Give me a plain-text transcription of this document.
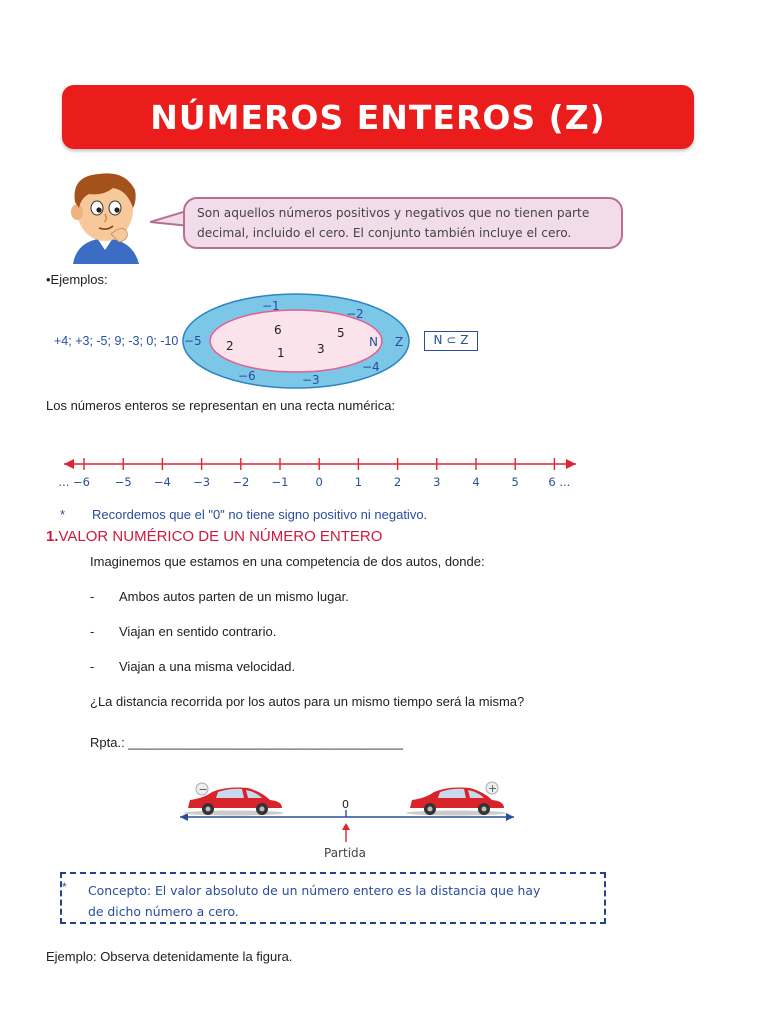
NÚMEROS ENTEROS (Z)
Son aquellos números positivos y negativos que no tienen parte decimal, incluido el cero. El conjunto también incluye el cero.
•Ejemplos:
+4; +3; -5; 9; -3; 0; -10
−1
−2
−5
−6	−3
−4
6	5
2	1	3	N Z	N ⊂ Z
Los números enteros se representan en una recta numérica:
... −6 −5 −4 −3 −2 −1 0	1	2	3	4	5	6 ...
* Recordemos que el "0" no tiene signo positivo ni negativo.
1.VALOR NUMÉRICO DE UN NÚMERO ENTERO
Imaginemos que estamos en una competencia de dos autos, donde:
- Ambos autos parten de un mismo lugar.
- Viajan en sentido contrario.
- Viajan a una misma velocidad.
¿La distancia recorrida por los autos para un mismo tiempo será la misma?
Rpta.: ______________________________________
0
Partida
−	+
* Concepto: El valor absoluto de un número entero es la distancia que hay de dicho número a cero.
Ejemplo: Observa detenidamente la figura.
